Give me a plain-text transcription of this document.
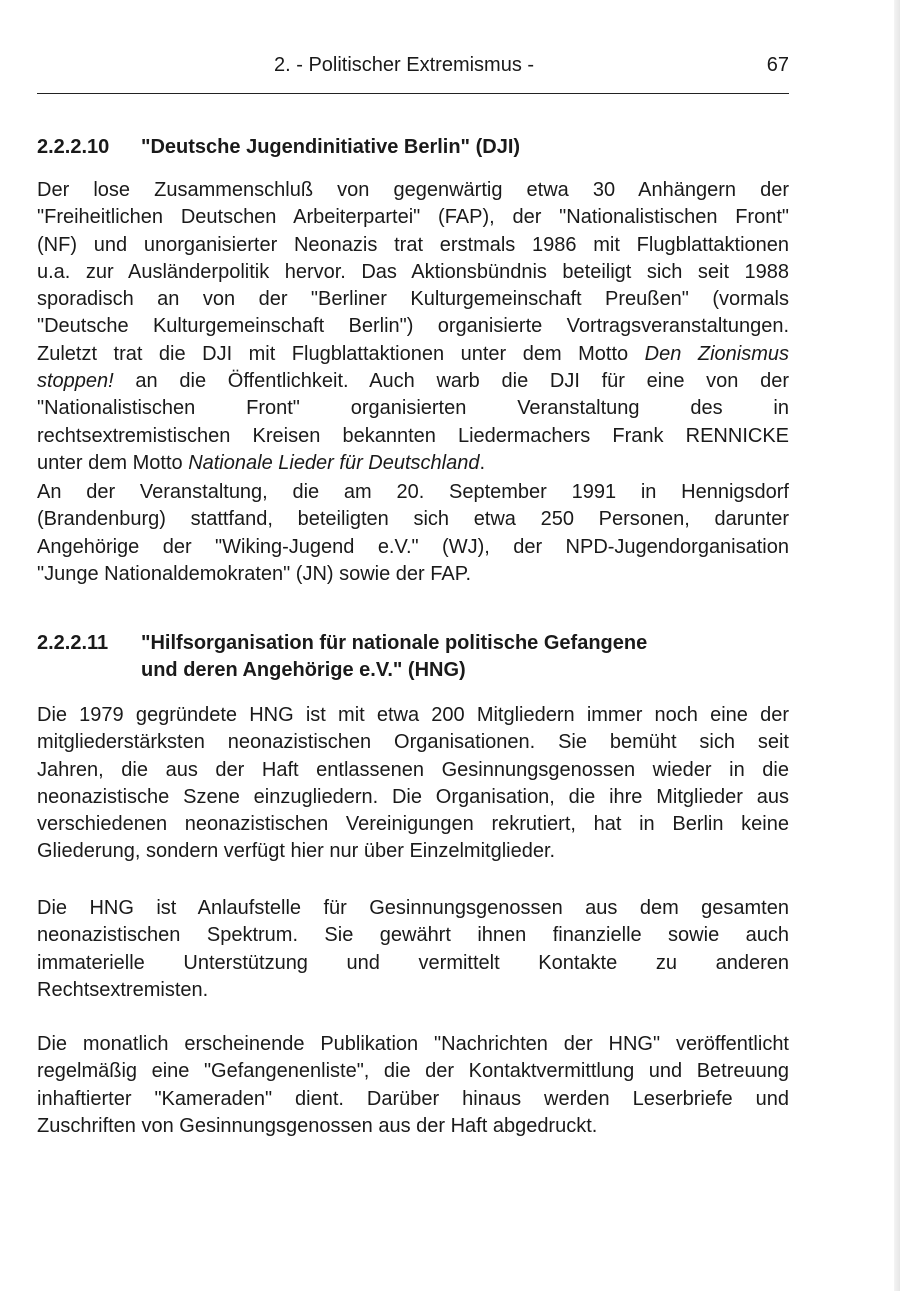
2. - Politischer Extremismus -	67
2.2.2.10 "Deutsche Jugendinitiative Berlin" (DJI)
Der lose Zusammenschluß von gegenwärtig etwa 30 Anhängern der
"Freiheitlichen Deutschen Arbeiterpartei" (FAP), der "Nationalistischen Front"
(NF) und unorganisierter Neonazis trat erstmals 1986 mit Flugblattaktionen
u.a. zur Ausländerpolitik hervor. Das Aktionsbündnis beteiligt sich seit 1988
sporadisch an von der "Berliner Kulturgemeinschaft Preußen" (vormals
"Deutsche Kulturgemeinschaft Berlin") organisierte Vortragsveranstaltungen.
Zuletzt trat die DJI mit Flugblattaktionen unter dem Motto Den Zionismus
stoppen! an die Öffentlichkeit. Auch warb die DJI für eine von der
"Nationalistischen Front" organisierten Veranstaltung des in
rechtsextremistischen Kreisen bekannten Liedermachers Frank RENNICKE
unter dem Motto Nationale Lieder für Deutschland.
An der Veranstaltung, die am 20. September 1991 in Hennigsdorf
(Brandenburg) stattfand, beteiligten sich etwa 250 Personen, darunter
Angehörige der "Wiking-Jugend e.V." (WJ), der NPD-Jugendorganisation
"Junge Nationaldemokraten" (JN) sowie der FAP.
2.2.2.11 "Hilfsorganisation für nationale politische Gefangene
und deren Angehörige e.V." (HNG)
Die 1979 gegründete HNG ist mit etwa 200 Mitgliedern immer noch eine der
mitgliederstärksten neonazistischen Organisationen. Sie bemüht sich seit
Jahren, die aus der Haft entlassenen Gesinnungsgenossen wieder in die
neonazistische Szene einzugliedern. Die Organisation, die ihre Mitglieder aus
verschiedenen neonazistischen Vereinigungen rekrutiert, hat in Berlin keine
Gliederung, sondern verfügt hier nur über Einzelmitglieder.
Die HNG ist Anlaufstelle für Gesinnungsgenossen aus dem gesamten
neonazistischen Spektrum. Sie gewährt ihnen finanzielle sowie auch
immaterielle Unterstützung und vermittelt Kontakte zu anderen
Rechtsextremisten.
Die monatlich erscheinende Publikation "Nachrichten der HNG" veröffentlicht
regelmäßig eine "Gefangenenliste", die der Kontaktvermittlung und Betreuung
inhaftierter "Kameraden" dient. Darüber hinaus werden Leserbriefe und
Zuschriften von Gesinnungsgenossen aus der Haft abgedruckt.
